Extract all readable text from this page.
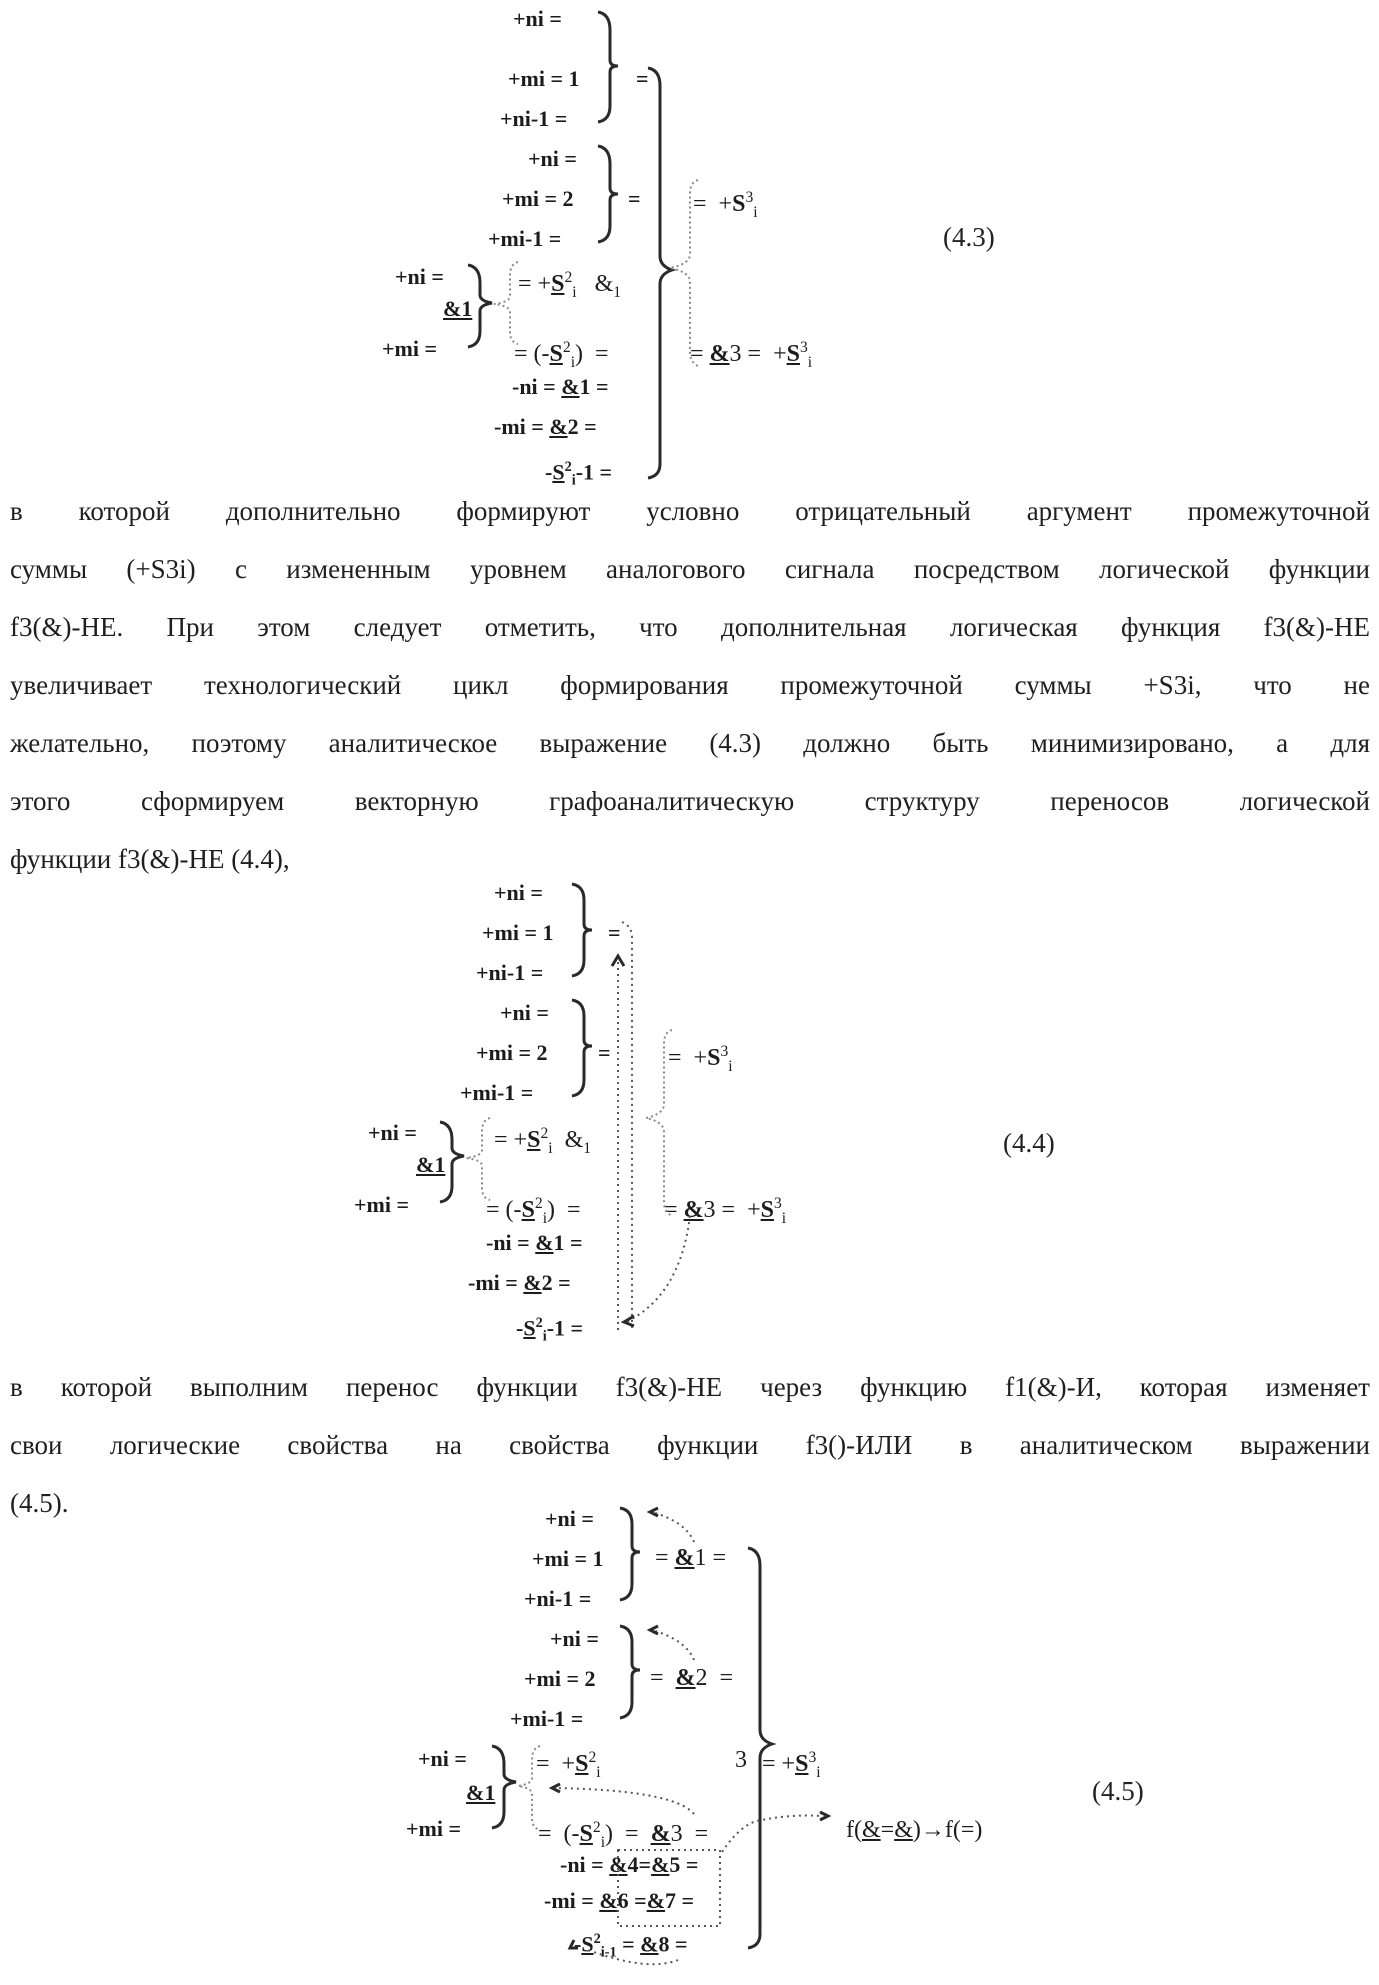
+ni =
+mi = 1
+ni-1 =
+ni =
+mi = 2
+mi-1 =
=
=
+ni =
&1
+mi =
= +S2i   &1
= (-S2i)  =
-ni = &1 =
-mi = &2 =
-S2i-1 =
=  +S3i
= &3 =  +S3i
(4.3)
в которой дополнительно формируют условно отрицательный аргумент промежуточной
суммы (+S3i) с измененным уровнем аналогового сигнала посредством логической функции
f3(&)-НЕ. При этом следует отметить, что дополнительная логическая функция f3(&)-НЕ
увеличивает технологический цикл формирования промежуточной суммы +S3i, что не
желательно, поэтому аналитическое выражение (4.3) должно быть минимизировано, а для
этого сформируем векторную графоаналитическую структуру переносов логической
функции f3(&)-НЕ (4.4),
+ni =
+mi = 1
+ni-1 =
+ni =
+mi = 2
+mi-1 =
=
=
+ni =
&1
+mi =
= +S2i  &1
= (-S2i)  =
-ni = &1 =
-mi = &2 =
-S2i-1 =
=  +S3i
= &3 =  +S3i
(4.4)
в которой выполним перенос функции f3(&)-НЕ через функцию f1(&)-И, которая изменяет
свои логические свойства на свойства функции f3()-ИЛИ в аналитическом выражении
(4.5).
+ni =
+mi = 1
+ni-1 =
+ni =
+mi = 2
+mi-1 =
= &1 =
=  &2  =
+ni =
&1
+mi =
=  +S2i
=  (-S2i)  =  &3  =
-ni = &4=&5 =
-mi = &6 =&7 =
-S2i-1 = &8 =
3 = +S3i
f(&=&)→f(=)
(4.5)
